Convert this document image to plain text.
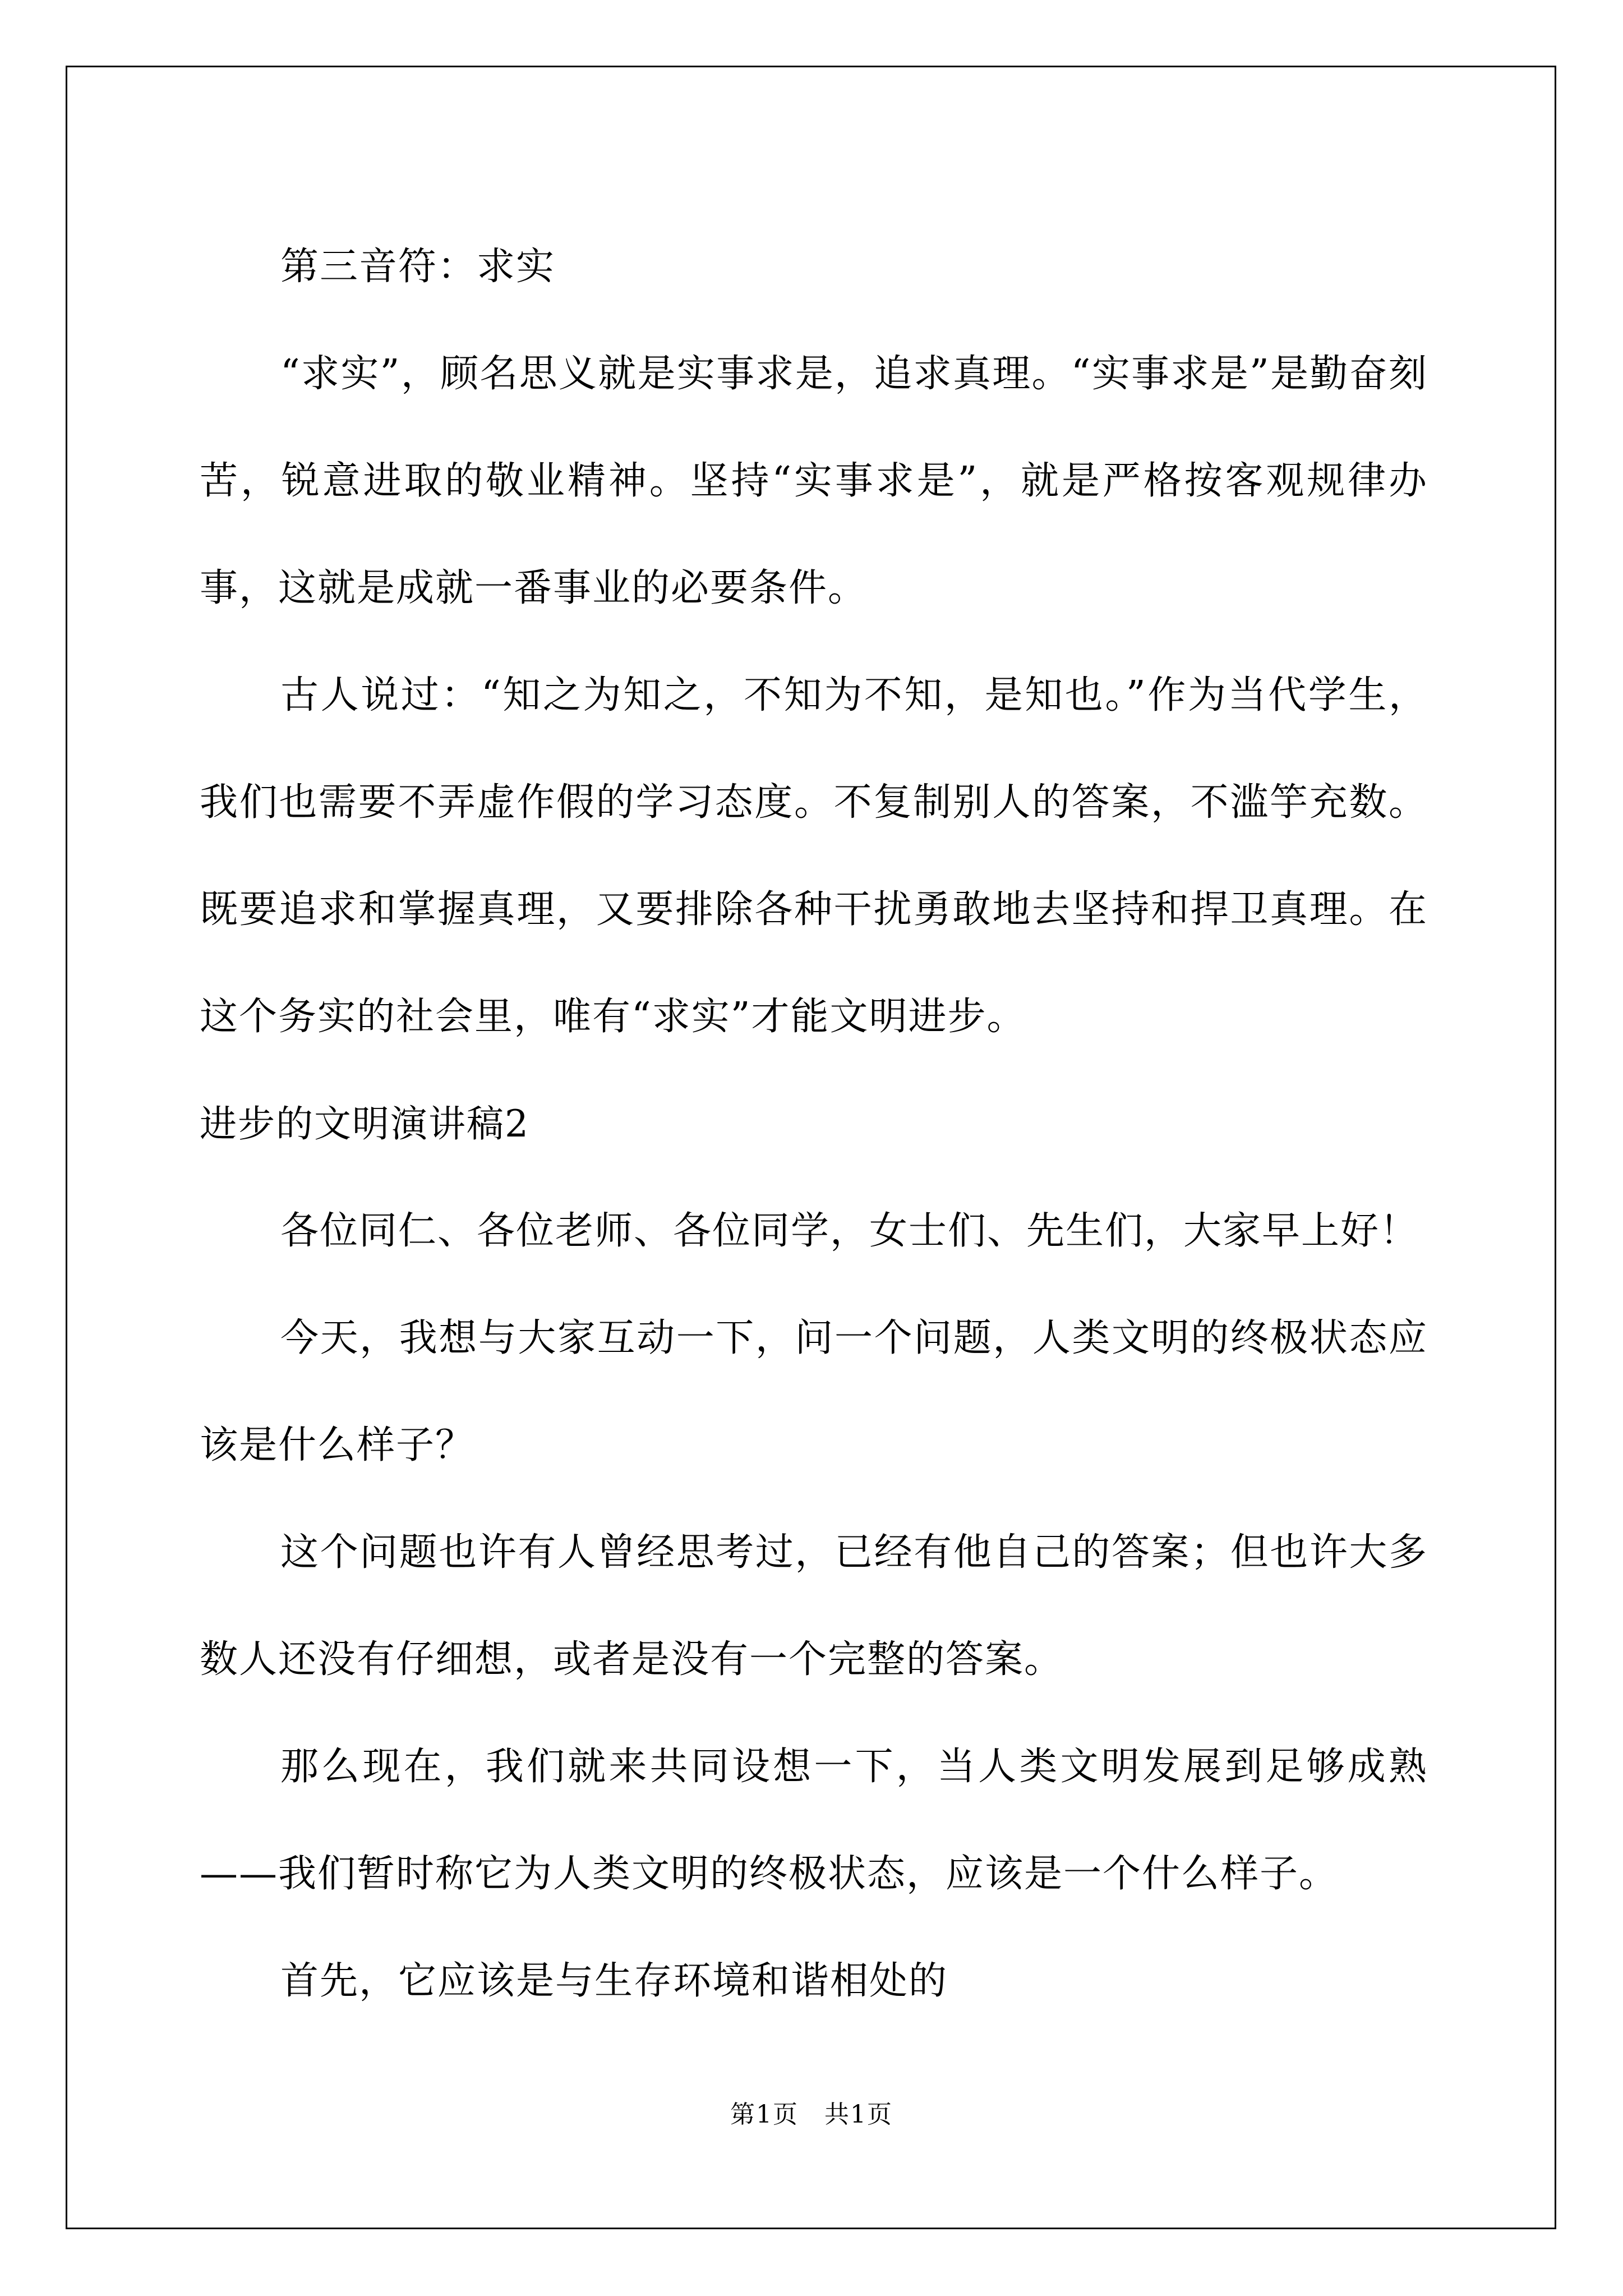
第三音符：求实

“求实”，顾名思义就是实事求是，追求真理。“实事求是”是勤奋刻苦，锐意进取的敬业精神。坚持“实事求是”，就是严格按客观规律办事，这就是成就一番事业的必要条件。

古人说过：“知之为知之，不知为不知，是知也。”作为当代学生，我们也需要不弄虚作假的学习态度。不复制别人的答案，不滥竽充数。既要追求和掌握真理，又要排除各种干扰勇敢地去坚持和捍卫真理。在这个务实的社会里，唯有“求实”才能文明进步。

进步的文明演讲稿2

各位同仁、各位老师、各位同学，女士们、先生们，大家早上好！

今天，我想与大家互动一下，问一个问题，人类文明的终极状态应该是什么样子？

这个问题也许有人曾经思考过，已经有他自己的答案；但也许大多数人还没有仔细想，或者是没有一个完整的答案。

那么现在，我们就来共同设想一下，当人类文明发展到足够成熟——我们暂时称它为人类文明的终极状态，应该是一个什么样子。

首先，它应该是与生存环境和谐相处的

第1页　共1页
